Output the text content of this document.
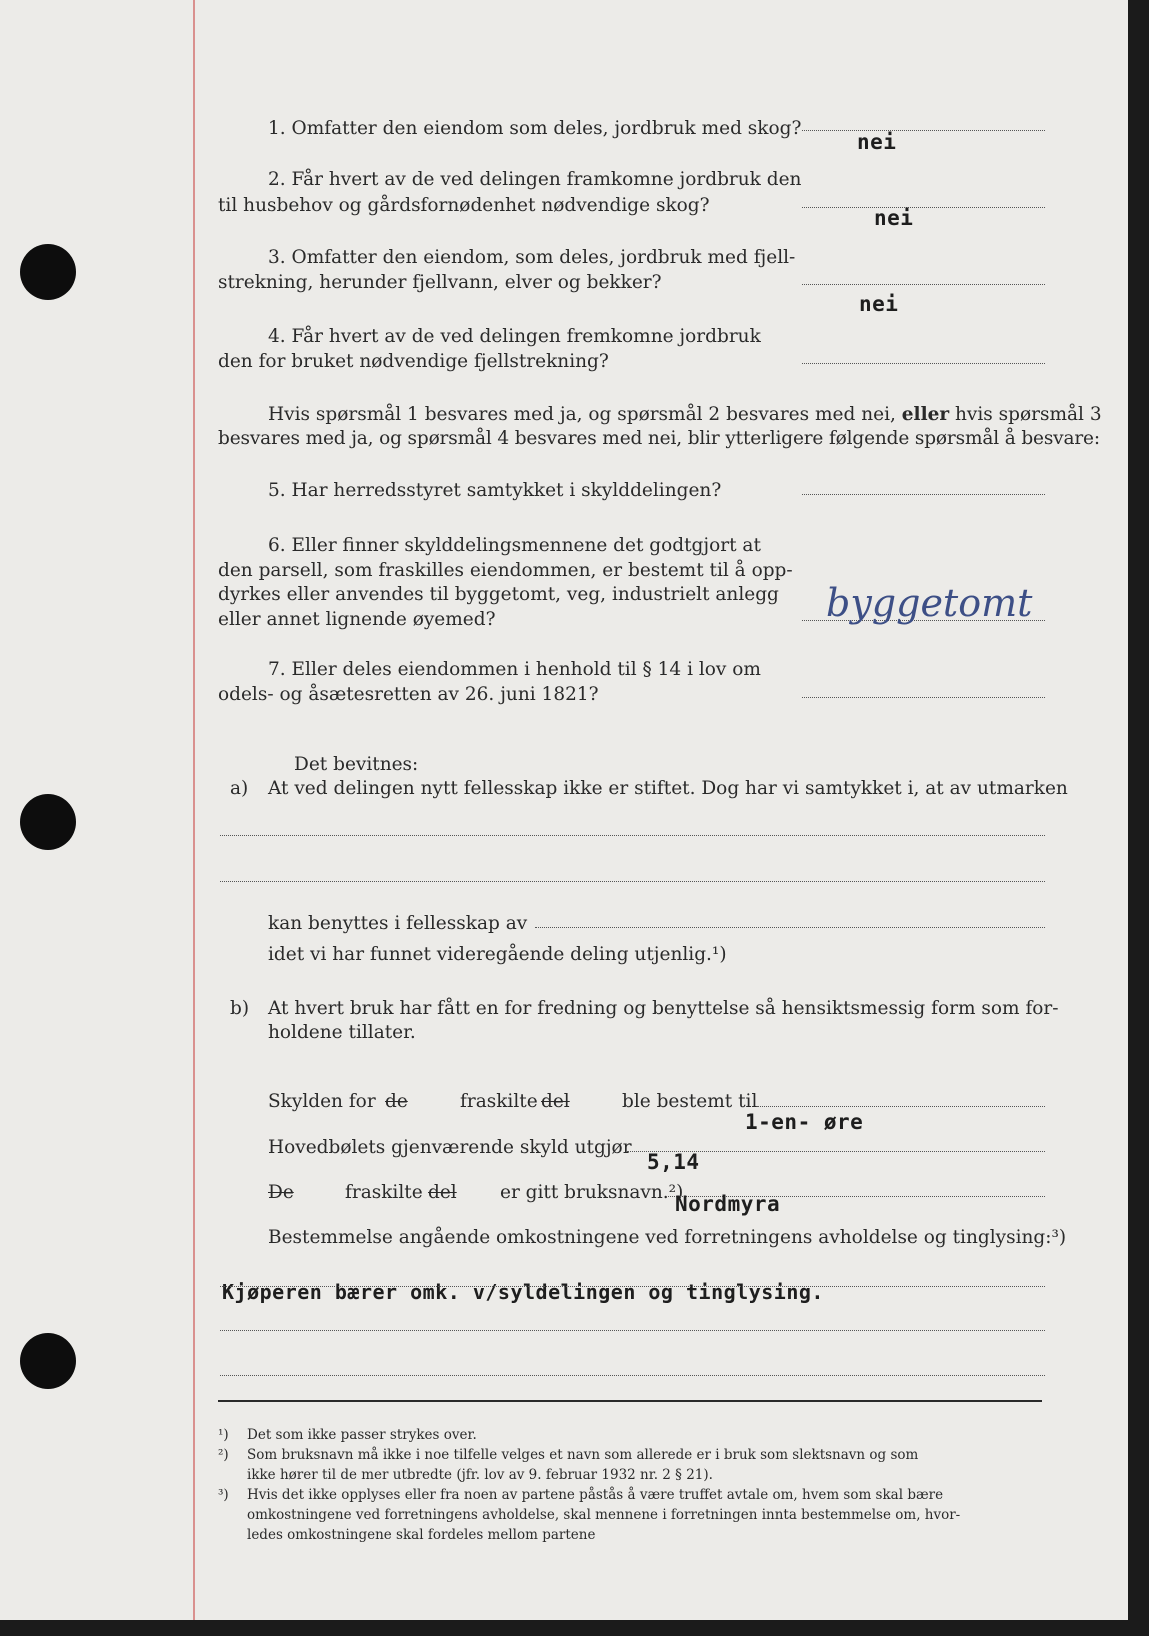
1. Omfatter den eiendom som deles, jordbruk med skog?
nei
2. Får hvert av de ved delingen framkomne jordbruk den
til husbehov og gårdsfornødenhet nødvendige skog?
nei
3. Omfatter den eiendom, som deles, jordbruk med fjell-
strekning, herunder fjellvann, elver og bekker?
nei
4. Får hvert av de ved delingen fremkomne jordbruk
den for bruket nødvendige fjellstrekning?
Hvis spørsmål 1 besvares med ja, og spørsmål 2 besvares med nei, eller hvis spørsmål 3
besvares med ja, og spørsmål 4 besvares med nei, blir ytterligere følgende spørsmål å besvare:
5. Har herredsstyret samtykket i skylddelingen?
6. Eller finner skylddelingsmennene det godtgjort at
den parsell, som fraskilles eiendommen, er bestemt til å opp-
dyrkes eller anvendes til byggetomt, veg, industrielt anlegg
eller annet lignende øyemed?	byggetomt
7. Eller deles eiendommen i henhold til § 14 i lov om
odels- og åsætesretten av 26. juni 1821?
Det bevitnes:
a) At ved delingen nytt fellesskap ikke er stiftet. Dog har vi samtykket i, at av utmarken
kan benyttes i fellesskap av
idet vi har funnet videregående deling utjenlig.¹)
b) At hvert bruk har fått en for fredning og benyttelse så hensiktsmessig form som for-
holdene tillater.
Skylden for de	fraskilte del	ble bestemt til
1-en- øre
Hovedbølets gjenværende skyld utgjør
5,14
De	fraskilte del er gitt bruksnavn.²)
Nordmyra
Bestemmelse angående omkostningene ved forretningens avholdelse og tinglysing:³)
Kjøperen bærer omk. v/syldelingen og tinglysing.
¹) Det som ikke passer strykes over.
²) Som bruksnavn må ikke i noe tilfelle velges et navn som allerede er i bruk som slektsnavn og som
ikke hører til de mer utbredte (jfr. lov av 9. februar 1932 nr. 2 § 21).
³) Hvis det ikke opplyses eller fra noen av partene påstås å være truffet avtale om, hvem som skal bære
omkostningene ved forretningens avholdelse, skal mennene i forretningen innta bestemmelse om, hvor-
ledes omkostningene skal fordeles mellom partene
